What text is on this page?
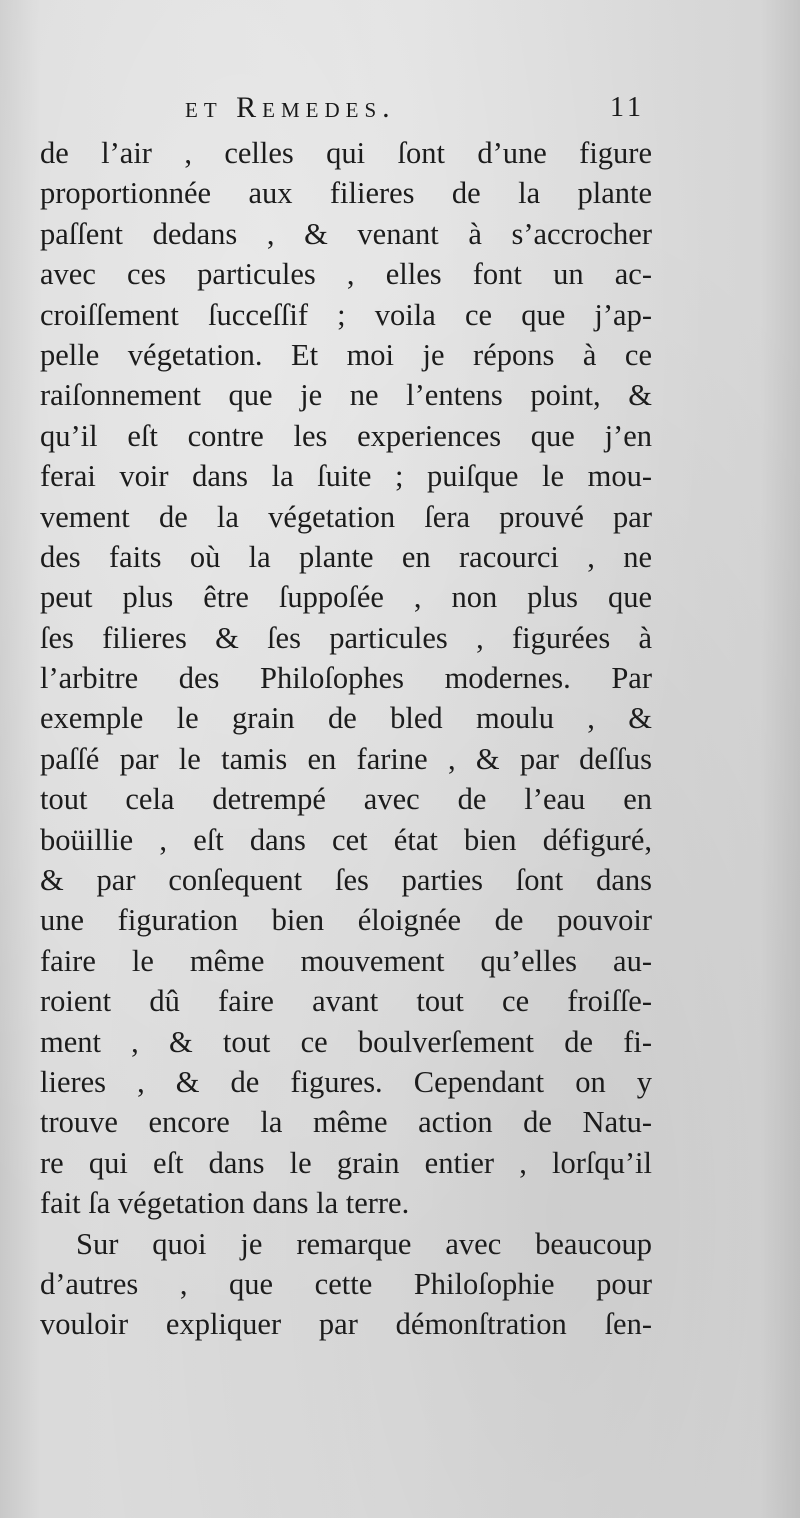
et Remedes.	11
de l’air , celles qui ſont d’une figure
proportionnée aux filieres de la plante
paſſent dedans , & venant à s’accrocher
avec ces particules , elles font un ac-
croiſſement ſucceſſif ; voila ce que j’ap-
pelle végetation. Et moi je répons à ce
raiſonnement que je ne l’entens point, &
qu’il eſt contre les experiences que j’en
ferai voir dans la ſuite ; puiſque le mou-
vement de la végetation ſera prouvé par
des faits où la plante en racourci , ne
peut plus être ſuppoſée , non plus que
ſes filieres & ſes particules , figurées à
l’arbitre des Philoſophes modernes. Par
exemple le grain de bled moulu , &
paſſé par le tamis en farine , & par deſſus
tout cela detrempé avec de l’eau en
boüillie , eſt dans cet état bien défiguré,
& par conſequent ſes parties ſont dans
une figuration bien éloignée de pouvoir
faire le même mouvement qu’elles au-
roient dû faire avant tout ce froiſſe-
ment , & tout ce boulverſement de fi-
lieres , & de figures. Cependant on y
trouve encore la même action de Natu-
re qui eſt dans le grain entier , lorſqu’il
fait ſa végetation dans la terre.
Sur quoi je remarque avec beaucoup
d’autres , que cette Philoſophie pour
vouloir expliquer par démonſtration ſen-
